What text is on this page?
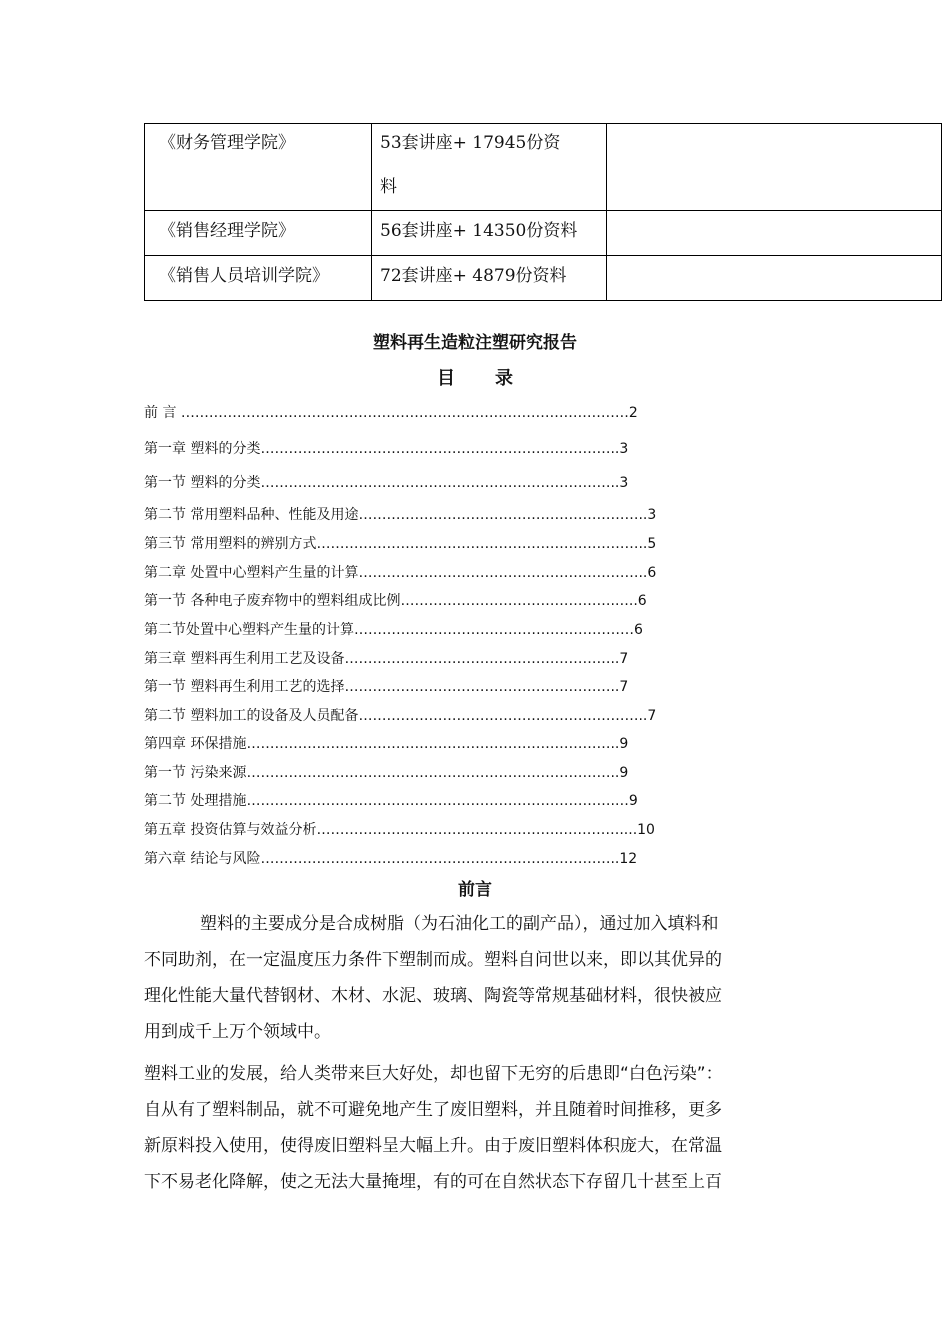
《财务管理学院》	53套讲座+ 17945份资
料	

《销售经理学院》	56套讲座+ 14350份资料	
《销售人员培训学院》	72套讲座+ 4879份资料	
塑料再生造粒注塑研究报告
目 录
前 言 ……………………………………………………………………………………2
第一章 塑料的分类…………………………………………………………………..3
第一节 塑料的分类…………………………………………………………………..3
第二节 常用塑料品种、性能及用途……………………………………………………..3
第三节 常用塑料的辨别方式……………………………………………………………..5
第二章 处置中心塑料产生量的计算……………………………………………………..6
第一节 各种电子废弃物中的塑料组成比例……………………………………….…..6
第二节处置中心塑料产生量的计算……………………………………………………6
第三章 塑料再生利用工艺及设备…………………………………………………..7
第一节 塑料再生利用工艺的选择…………………………………………………..7
第二节 塑料加工的设备及人员配备……………………………………………………..7
第四章 环保措施……………………………………………………………………..9
第一节 污染来源……………………………………………………………………..9
第二节 处理措施…………………………………………………………………….…9
第五章 投资估算与效益分析……………………………………………..…………....10
第六章 结论与风险…………………………………………………………………..12
前言
塑料的主要成分是合成树脂（为石油化工的副产品），通过加入填料和
不同助剂，在一定温度压力条件下塑制而成。塑料自问世以来，即以其优异的
理化性能大量代替钢材、木材、水泥、玻璃、陶瓷等常规基础材料，很快被应
用到成千上万个领域中。
塑料工业的发展，给人类带来巨大好处，却也留下无穷的后患即“白色污染”：
自从有了塑料制品，就不可避免地产生了废旧塑料，并且随着时间推移，更多
新原料投入使用，使得废旧塑料呈大幅上升。由于废旧塑料体积庞大，在常温
下不易老化降解，使之无法大量掩埋，有的可在自然状态下存留几十甚至上百
